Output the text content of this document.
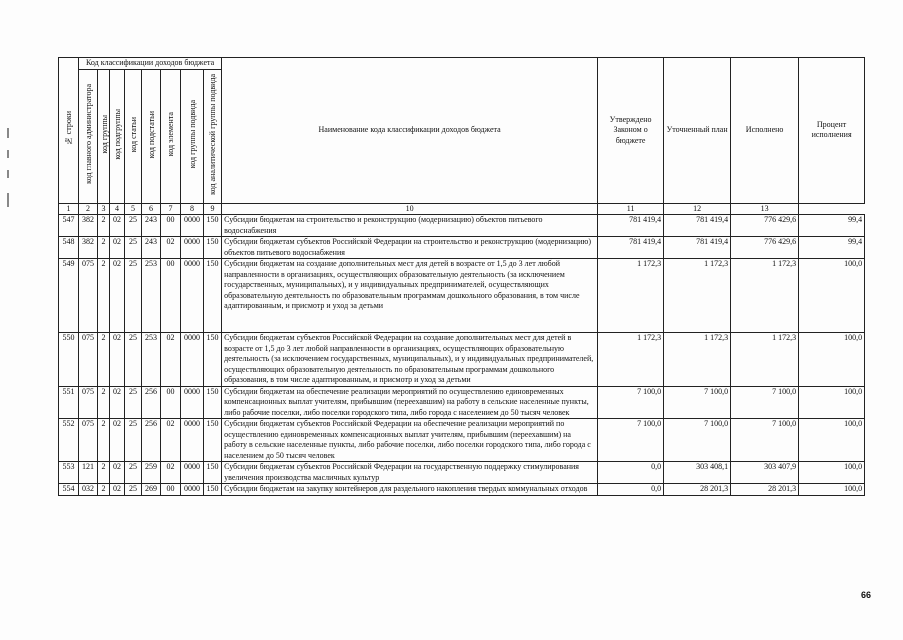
№ строки	Код классификации доходов бюджета								Наименование кода классификации доходов бюджета	Утверждено Законом о бюджете	Уточненный план	Исполнено	Процент исполнения
	код главного администратора	код группы	код подгруппы	код статьи	код подстатьи	код элемента	код группы подвида	код аналитической группы подвида					
1	2	3	4	5	6	7	8	9	10	11	12	13	
547	382	2	02	25	243	00	0000	150	Субсидии бюджетам на строительство и реконструкцию (модернизацию) объектов питьевого водоснабжения	781 419,4	781 419,4	776 429,6	99,4
548	382	2	02	25	243	02	0000	150	Субсидии бюджетам субъектов Российской Федерации на строительство и реконструкцию (модернизацию) объектов питьевого водоснабжения	781 419,4	781 419,4	776 429,6	99,4
549	075	2	02	25	253	00	0000	150	Субсидии бюджетам на создание дополнительных мест для детей в возрасте от 1,5 до 3 лет любой направленности в организациях, осуществляющих образовательную деятельность (за исключением государственных, муниципальных), и у индивидуальных предпринимателей, осуществляющих образовательную деятельность по образовательным программам дошкольного образования, в том числе адаптированным, и присмотр и уход за детьми	1 172,3	1 172,3	1 172,3	100,0
550	075	2	02	25	253	02	0000	150	Субсидии бюджетам субъектов Российской Федерации на создание дополнительных мест для детей в возрасте от 1,5 до 3 лет любой направленности в организациях, осуществляющих образовательную деятельность (за исключением государственных, муниципальных), и у индивидуальных предпринимателей, осуществляющих образовательную деятельность по образовательным программам дошкольного образования, в том числе адаптированным, и присмотр и уход за детьми	1 172,3	1 172,3	1 172,3	100,0
551	075	2	02	25	256	00	0000	150	Субсидии бюджетам на обеспечение реализации мероприятий по осуществлению единовременных компенсационных выплат учителям, прибывшим (переехавшим) на работу в сельские населенные пункты, либо рабочие поселки, либо поселки городского типа, либо города с населением до 50 тысяч человек	7 100,0	7 100,0	7 100,0	100,0
552	075	2	02	25	256	02	0000	150	Субсидии бюджетам субъектов Российской Федерации на обеспечение реализации мероприятий по осуществлению единовременных компенсационных выплат учителям, прибывшим (переехавшим) на работу в сельские населенные пункты, либо рабочие поселки, либо поселки городского типа, либо города с населением до 50 тысяч человек	7 100,0	7 100,0	7 100,0	100,0
553	121	2	02	25	259	02	0000	150	Субсидии бюджетам субъектов Российской Федерации на государственную поддержку стимулирования увеличения производства масличных культур	0,0	303 408,1	303 407,9	100,0
554	032	2	02	25	269	00	0000	150	Субсидии бюджетам на закупку контейнеров для раздельного накопления твердых коммунальных отходов	0,0	28 201,3	28 201,3	100,0
66
